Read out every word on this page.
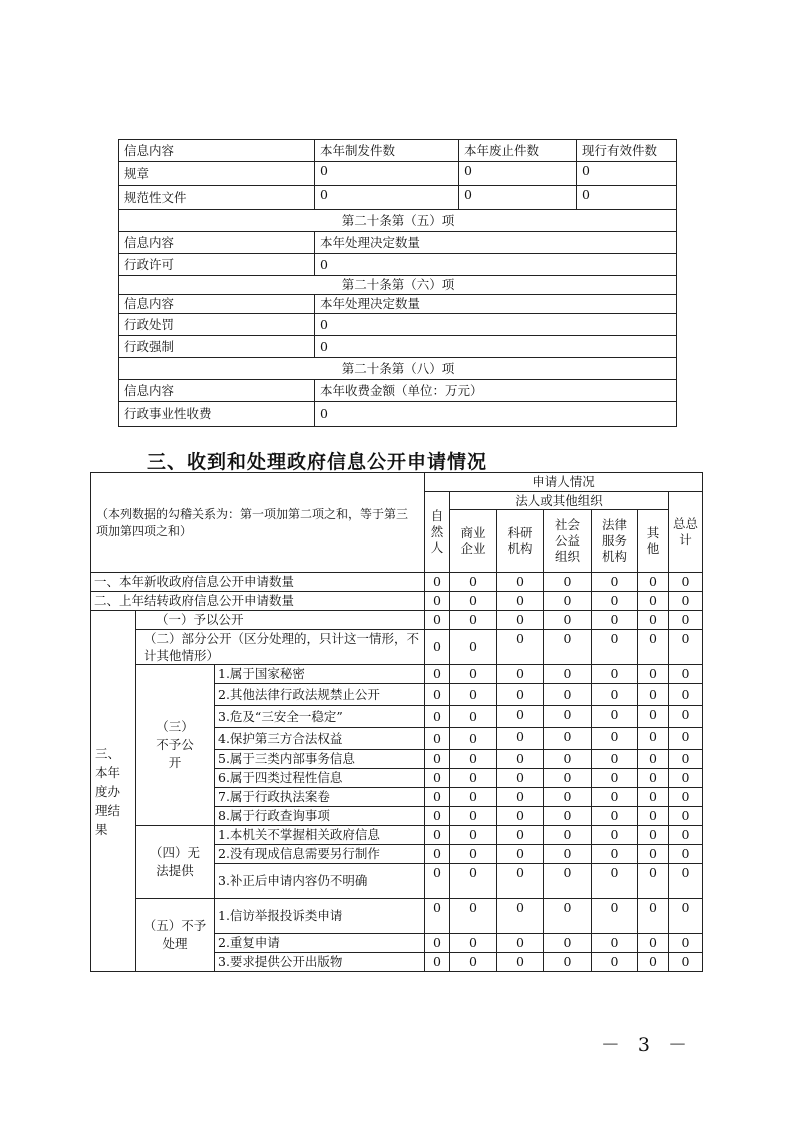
信息内容	本年制发件数	本年废止件数	现行有效件数
规章	0	0	0
规范性文件	0	0	0
第二十条第（五）项			
信息内容	本年处理决定数量		
行政许可	0		
第二十条第（六）项			
信息内容	本年处理决定数量		
行政处罚	0		
行政强制	0		
第二十条第（八）项			
信息内容	本年收费金额（单位：万元）		
行政事业性收费	0		
三、收到和处理政府信息公开申请情况
（本列数据的勾稽关系为：第一项加第二项之和，等于第三项加第四项之和）			申请人情况						
			自然人	法人或其他组织					总总计
				商业企业	科研机构	社会公益组织	法律服务机构	其他	
一、本年新收政府信息公开申请数量			0	0	0	0	0	0	0
二、上年结转政府信息公开申请数量			0	0	0	0	0	0	0
三、本年度办理结果	（一）予以公开		0	0	0	0	0	0	0
	（二）部分公开（区分处理的，只计这一情形，不计其他情形）		0	0	0	0	0	0	0
	（三）不予公开	1.属于国家秘密	0	0	0	0	0	0	0
		2.其他法律行政法规禁止公开	0	0	0	0	0	0	0
		3.危及“三安全一稳定”	0	0	0	0	0	0	0
		4.保护第三方合法权益	0	0	0	0	0	0	0
		5.属于三类内部事务信息	0	0	0	0	0	0	0
		6.属于四类过程性信息	0	0	0	0	0	0	0
		7.属于行政执法案卷	0	0	0	0	0	0	0
		8.属于行政查询事项	0	0	0	0	0	0	0
	（四）无法提供	1.本机关不掌握相关政府信息	0	0	0	0	0	0	0
		2.没有现成信息需要另行制作	0	0	0	0	0	0	0
		3.补正后申请内容仍不明确	0	0	0	0	0	0	0
	（五）不予处理	1.信访举报投诉类申请	0	0	0	0	0	0	0
		2.重复申请	0	0	0	0	0	0	0
		3.要求提供公开出版物	0	0	0	0	0	0	0
－ 3 －
